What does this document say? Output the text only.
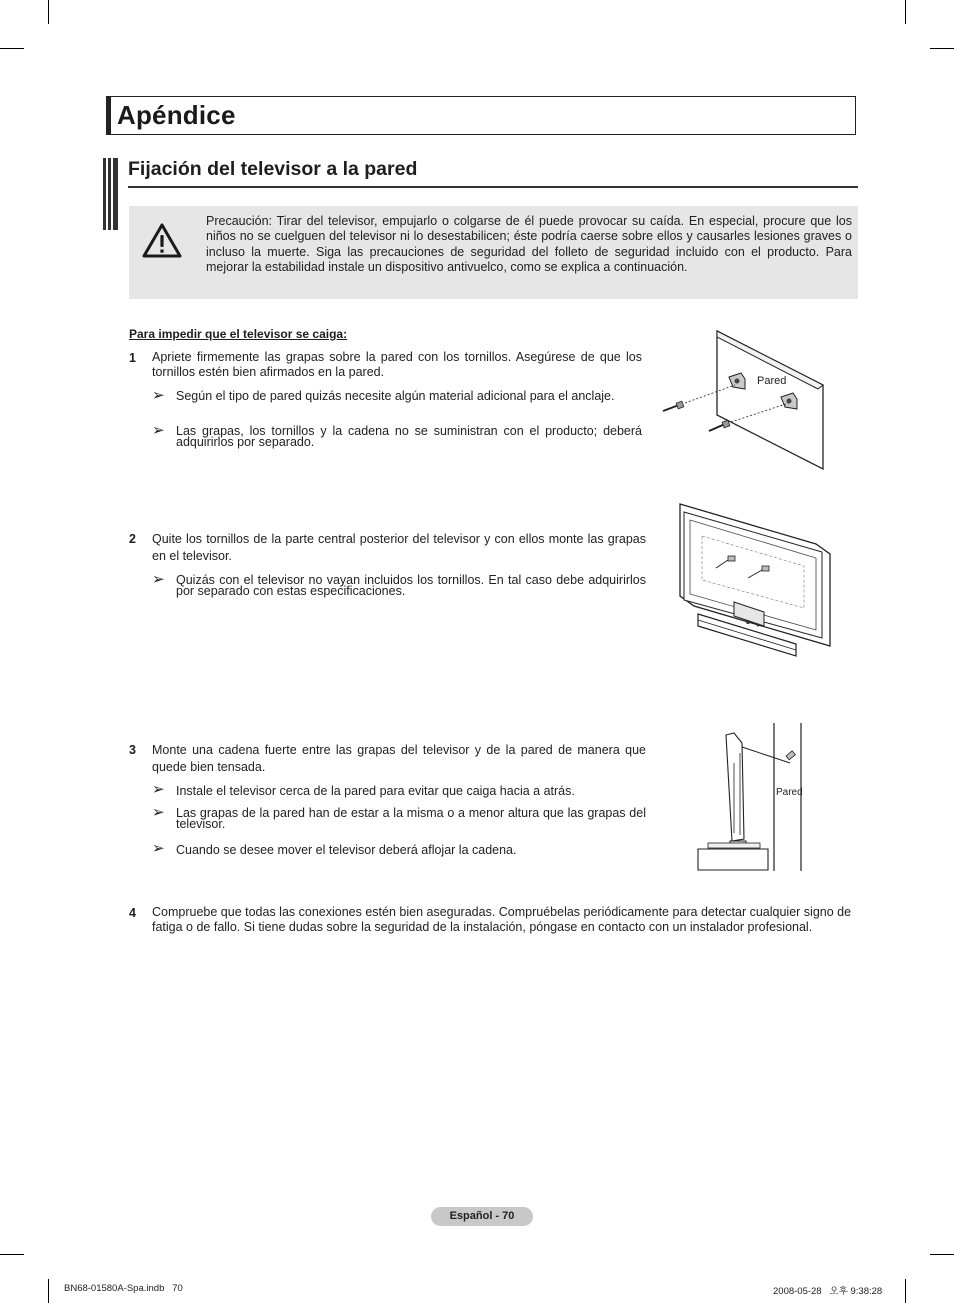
Apéndice
Fijación del televisor a la pared
Precaución: Tirar del televisor, empujarlo o colgarse de él puede provocar su caída. En especial, procure que los niños no se cuelguen del televisor ni lo desestabilicen; éste podría caerse sobre ellos y causarles lesiones graves o incluso la muerte. Siga las precauciones de seguridad del folleto de seguridad incluido con el producto. Para mejorar la estabilidad instale un dispositivo antivuelco, como se explica a continuación.
Para impedir que el televisor se caiga:
1 Apriete firmemente las grapas sobre la pared con los tornillos. Asegúrese de que los tornillos estén bien afirmados en la pared.
➢ Según el tipo de pared quizás necesite algún material adicional para el anclaje.
➢ Las grapas, los tornillos y la cadena no se suministran con el producto; deberá adquirirlos por separado.
Pared
2 Quite los tornillos de la parte central posterior del televisor y con ellos monte las grapas en el televisor.
➢ Quizás con el televisor no vayan incluidos los tornillos. En tal caso debe adquirirlos por separado con estas especificaciones.
3 Monte una cadena fuerte entre las grapas del televisor y de la pared de manera que quede bien tensada.
➢ Instale el televisor cerca de la pared para evitar que caiga hacia a atrás.
➢ Las grapas de la pared han de estar a la misma o a menor altura que las grapas del televisor.
➢ Cuando se desee mover el televisor deberá aflojar la cadena.
Pared
4 Compruebe que todas las conexiones estén bien aseguradas. Compruébelas periódicamente para detectar cualquier signo de fatiga o de fallo. Si tiene dudas sobre la seguridad de la instalación, póngase en contacto con un instalador profesional.
Español - 70
BN68-01580A-Spa.indb   70	2008-05-28   오후 9:38:28
